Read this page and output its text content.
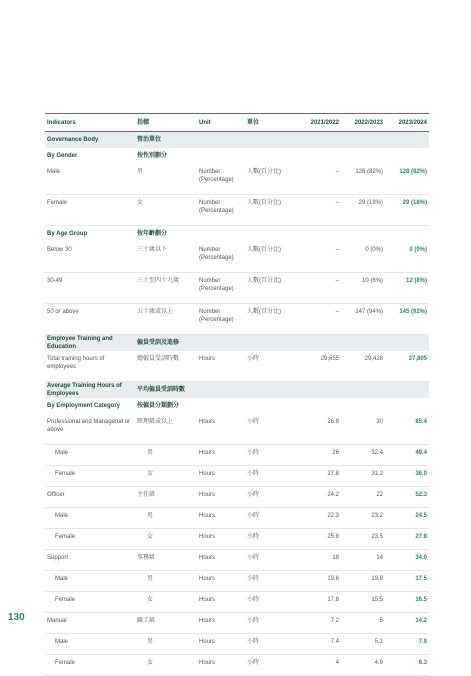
Indicators	指標	Unit	單位	2021/2022	2022/2023	2023/2024
Governance Body	管治單位					
By Gender	按性別劃分					
Male	男	Number (Percentage)	人數(百分比)	–	128 (82%)	128 (82%)
Female	女	Number (Percentage)	人數(百分比)	–	29 (18%)	29 (18%)
By Age Group	按年齡劃分					
Below 30	三十歲以下	Number (Percentage)	人數(百分比)	–	0 (0%)	0 (0%)
30-49	三十至四十九歲	Number (Percentage)	人數(百分比)	–	10 (6%)	12 (8%)
50 or above	五十歲或以上	Number (Percentage)	人數(百分比)	–	147 (94%)	145 (92%)
Employee Training and Education	僱員受訓及進修					
Total training hours of employees	總僱員受訓時數	Hours	小時	29,655	29,428	37,805
Average Training Hours of Employees	平均僱員受訓時數					
By Employment Category	按僱員分類劃分					
Professional and Managerial or above	經理級或以上	Hours	小時	26.8	30	85.4
Male	男	Hours	小時	26	32.4	49.4
Female	女	Hours	小時	27.8	31.2	36.0
Officer	主任級	Hours	小時	24.2	22	52.3
Male	男	Hours	小時	22.3	23.2	24.5
Female	女	Hours	小時	25.8	23.5	27.8
Support	事務級	Hours	小時	18	14	34.0
Male	男	Hours	小時	19.6	19.8	17.5
Female	女	Hours	小時	17.8	15.5	16.5
Manual	職工級	Hours	小時	7.2	5	14.2
Male	男	Hours	小時	7.4	5.1	7.9
Female	女	Hours	小時	4	4.9	6.3
130
